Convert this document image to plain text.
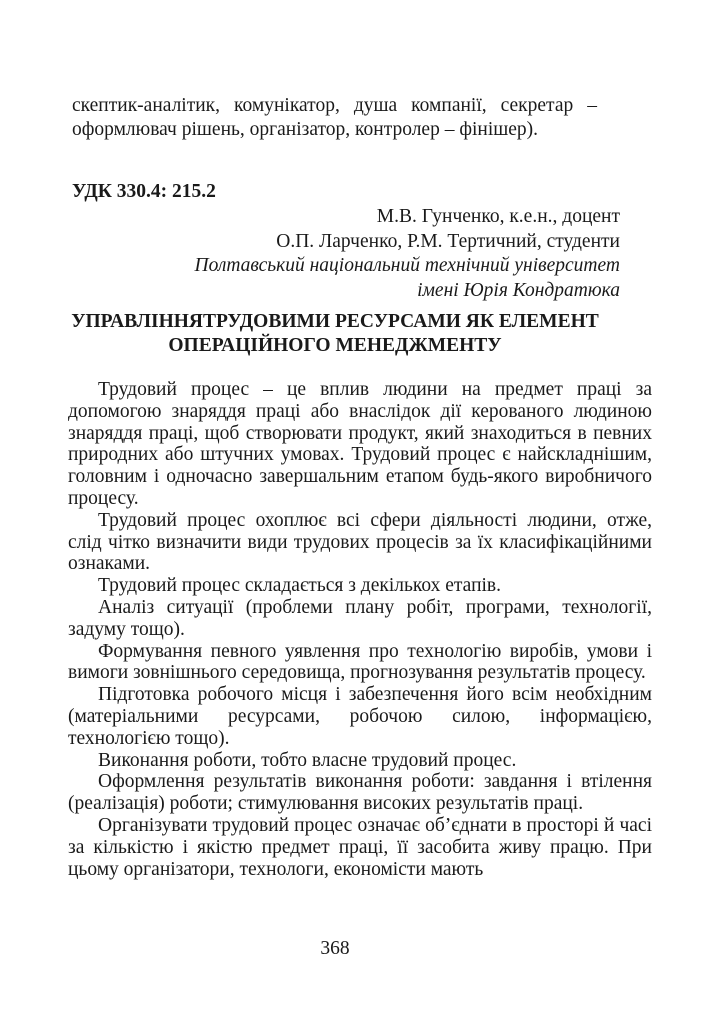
скептик-аналітик, комунікатор, душа компанії, секретар –
оформлювач рішень, організатор, контролер – фінішер).
УДК 330.4: 215.2
М.В. Гунченко, к.е.н., доцент
О.П. Ларченко, Р.М. Тертичний, студенти
Полтавський національний технічний університет
імені Юрія Кондратюка
УПРАВЛІННЯТРУДОВИМИ РЕСУРСАМИ ЯК ЕЛЕМЕНТ
ОПЕРАЦІЙНОГО МЕНЕДЖМЕНТУ

Трудовий процес – це вплив людини на предмет праці за допомогою знаряддя праці або внаслідок дії керованого людиною знаряддя праці, щоб створювати продукт, який знаходиться в певних природних або штучних умовах. Трудовий процес є найскладнішим, головним і одночасно завершальним етапом будь-якого виробничого процесу.

Трудовий процес охоплює всі сфери діяльності людини, отже, слід чітко визначити види трудових процесів за їх класифікаційними ознаками.

Трудовий процес складається з декількох етапів.

Аналіз ситуації (проблеми плану робіт, програми, технології, задуму тощо).

Формування певного уявлення про технологію виробів, умови і вимоги зовнішнього середовища, прогнозування результатів процесу.

Підготовка робочого місця і забезпечення його всім необхідним (матеріальними ресурсами, робочою силою, інформацією, технологією тощо).

Виконання роботи, тобто власне трудовий процес.

Оформлення результатів виконання роботи: завдання і втілення (реалізація) роботи; стимулювання високих результатів праці.

Організувати трудовий процес означає об’єднати в просторі й часі за кількістю і якістю предмет праці, її засобита живу працю. При цьому організатори, технологи, економісти мають

368
